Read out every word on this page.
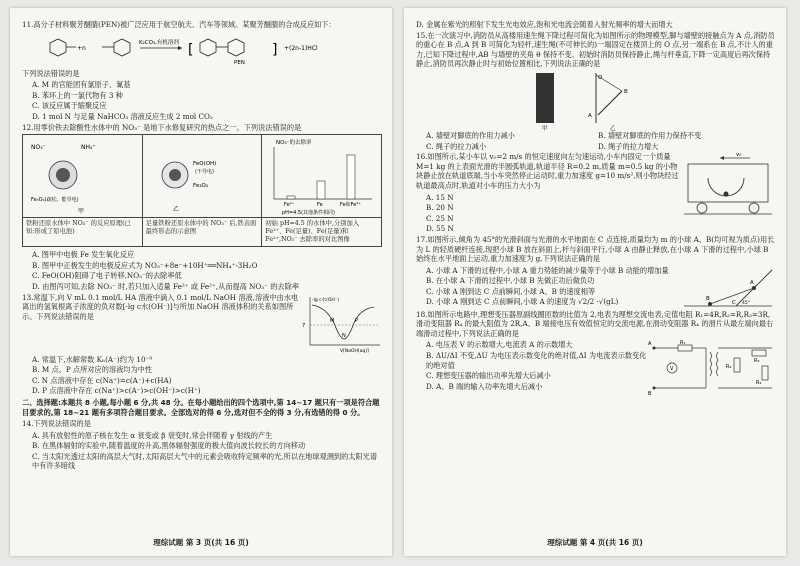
11.高分子材料聚芳醚腈(PEN)被广泛应用于航空航天、汽车等领域。某聚芳醚腈的合成反应如下：
+n
K₂CO₃,有机溶剂 [	]
PEN
+(2n-1)HCl
下列说法错误的是
A. M 的官能团有氯原子、氰基
B. 苯环上的一氯代物有 3 种
C. 该反应属于缩聚反应
D. 1 mol N 与足量 NaHCO₃ 溶液反应生成 2 mol CO₂
12.用零价铁去除酸性水体中的 NO₃⁻ 是地下水修复研究的热点之一。下列说法错误的是
NO₃⁻	NH₄⁺
Fe₃O₄(疏松、能导电)
甲
FeO(OH)
(不导电)
Fe₃O₄
乙
NO₃⁻的去除率
Fe²⁺	Fe	Fe和Fe²⁺
pH=4.5(其他条件相同)
铁粉还原水体中 NO₃⁻ 的反应原理(已知:形成了原电池)
足量铁粉还原水体中的 NO₃⁻ 后,铁表面最终形态的示意图
初始 pH=4.5 的水体中,分别加入 Fe²⁺、Fe(足量)、Fe(足量)和 Fe²⁺,NO₃⁻ 去除率的对比图像
A. 图甲中电极 Fe 发生氧化反应
B. 图甲中正极发生的电极反应式为 NO₃⁻+8e⁻+10H⁺══NH₄⁺-3H₂O
C. FeO(OH)阻碍了电子转移,NO₃⁻的去除率低
D. 由图丙可知,去除 NO₃⁻ 时,若只加入适量 Fe²⁺ 或 Fe²⁺,从而提高 NO₃⁻ 的去除率
13.常温下,向 V mL 0.1 mol/L HA 溶液中滴入 0.1 mol/L NaOH 溶液,溶液中由水电离出的氢氧根离子浓度的负对数[-lg c水(OH⁻)]与所加 NaOH 溶液体积的关系如图所示。下列说法错误的是
7
M
N
P
-lg c水(OH⁻)
V[NaOH(aq)]
A. 常温下,水解常数 Kₕ(A⁻)约为 10⁻⁹
B. M 点、P 点所对应的溶液均为中性
C. N 点溶液中存在 c(Na⁺)=c(A⁻)+c(HA)
D. P 点溶液中存在 c(Na⁺)>c(A⁻)>c(OH⁻)>c(H⁺)
二、选择题:本题共 8 小题,每小题 6 分,共 48 分。在每小题给出的四个选项中,第 14~17 题只有一项是符合题目要求的,第 18~21 题有多项符合题目要求。全部选对的得 6 分,选对但不全的得 3 分,有选错的得 0 分。
14.下列说法错误的是
A. 具有放射性的原子核在发生 α 衰变或 β 衰变时,常会伴随着 γ 射线的产生
B. 在黑体辐射的实验中,随着温度的升高,黑体辐射强度的极大值向波长较长的方向移动
C. 当太阳光透过太阳的高层大气时,太阳高层大气中的元素会吸收特定频率的光,所以在地球观测到的太阳光谱中有许多暗线
理综试题 第 3 页(共 16 页)
D. 金属在紫光的照射下发生光电效应,饱和光电流会随着入射光频率的增大而增大
15.在一次演习中,消防员从高楼用速生绳下降过程可简化为如图所示的物理模型,脚与墙壁的接触点为 A 点,消防员的重心在 B 点,A 到 B 可简化为轻杆,速生绳(不可伸长的)一端固定在楼顶上的 O 点,另一端系在 B 点,不计人的重力,已知下降过程中,AB 与墙壁的夹角 θ 保持不变。初始时消防员保持静止,绳与杆垂直,下降一定高度后再次保持静止,消防员再次静止时与初始位置相比,下列说法正确的是
甲
O
B
A
乙
A. 墙壁对脚底的作用力减小	B. 墙壁对脚底的作用力保持不变
C. 绳子的拉力减小	D. 绳子的拉力增大
16.如图所示,某小车以 v₀=2 m/s 的恒定速度向左匀速运动,小车内固定一个质量 M=1 kg 的上表面光滑的半圆弧轨道,轨道半径 R=0.2 m,质量 m=0.5 kg 的小物块静止放在轨道底端,当小车突然停止运动时,重力加速度 g=10 m/s²,则小物块经过轨道最高点时,轨道对小车的压力大小为
A. 15 N
B. 20 N
C. 25 N
D. 55 N
v₀
17.如图所示,倾角为 45°的光滑斜面与光滑的水平地面在 C 点连接,质量均为 m 的小球 A、B(均可视为质点)用长为 L 的轻质硬杆连接,现把小球 B 放在斜面上,杆与斜面平行,小球 A 由静止释放,在小球 A 下滑的过程中,小球 B 始终在水平地面上运动,重力加速度为 g,下列说法正确的是
A. 小球 A 下滑的过程中,小球 A 重力势能的减少量等于小球 B 动能的增加量
B. 在小球 A 下滑的过程中,小球 B 先做正功后做负功
C. 小球 A 刚到达 C 点前瞬间,小球 A、B 的速度相等
D. 小球 A 刚到达 C 点前瞬间,小球 A 的速度为 √2/2 ·√(gL)
A
B
C 45°
18.如图所示电路中,理想变压器原副线圈匝数的比值为 2,电表为理想交流电表,定值电阻 R₁=4R,R₂=R,R₃=3R,滑动变阻器 R₄ 的最大阻值为 2R,A、B 端接电压有效值恒定的交流电源,在滑动变阻器 R₄ 的滑片从最左端向最右端滑动过程中,下列说法正确的是
A. 电压表 V 的示数增大,电流表 A 的示数增大
B. ΔU/ΔI 不变,ΔU 为电压表示数变化的绝对值,ΔI 为电流表示数变化的绝对值
C. 理想变压器的输出功率先增大后减小
D. A、B 端的输入功率先增大后减小
V
A
B
R₁
R₂
R₃
R₄
理综试题 第 4 页(共 16 页)
